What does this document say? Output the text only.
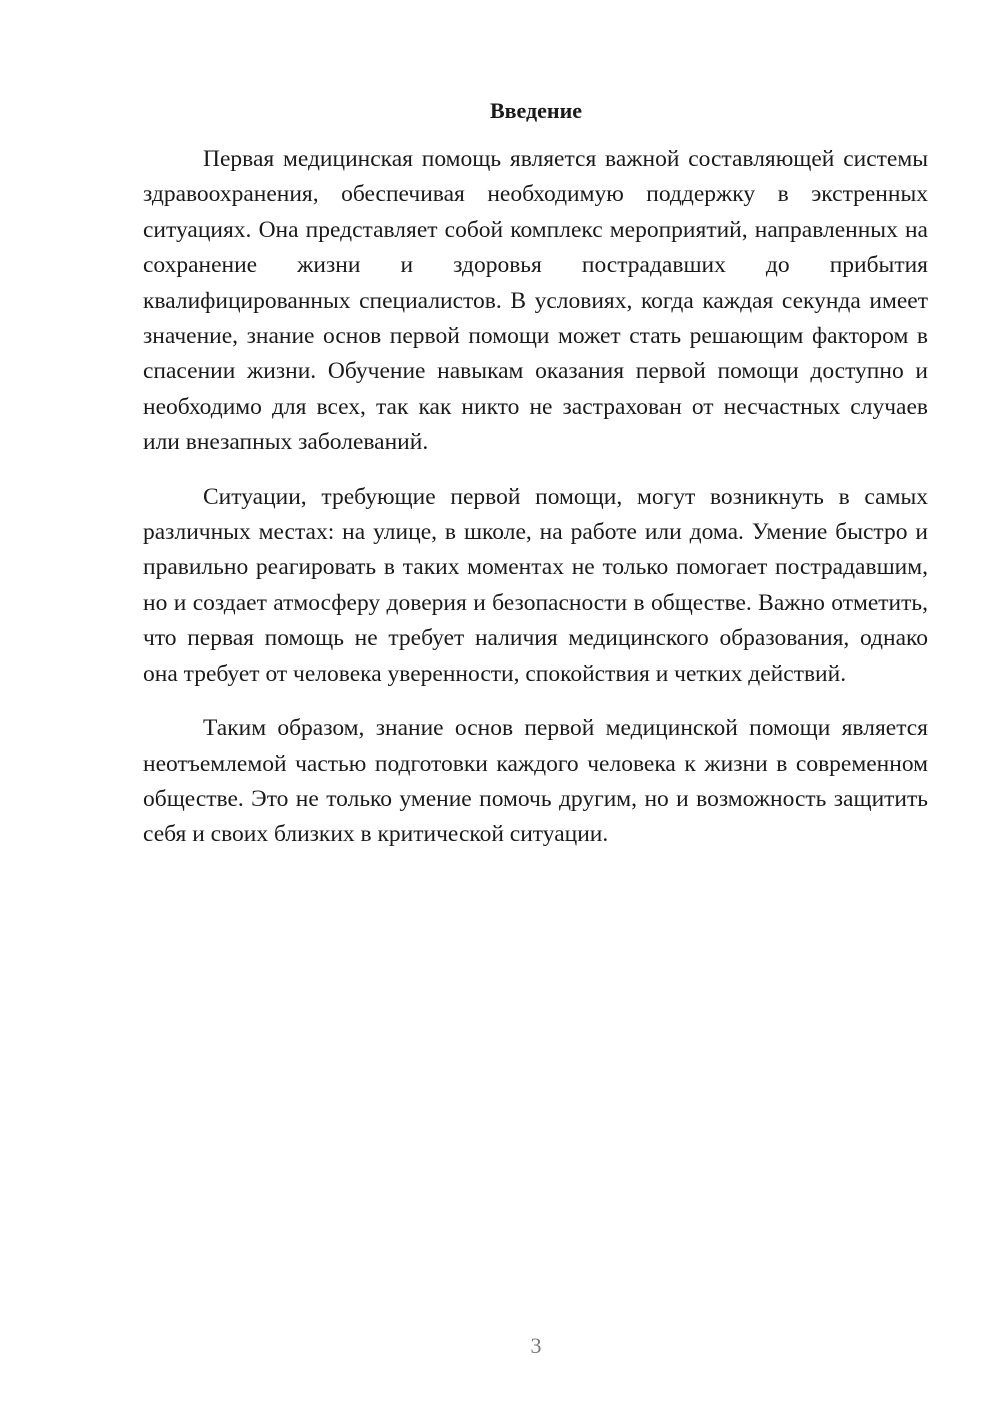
Введение

Первая медицинская помощь является важной составляющей системы здравоохранения, обеспечивая необходимую поддержку в экстренных ситуациях. Она представляет собой комплекс мероприятий, направленных на сохранение жизни и здоровья пострадавших до прибытия квалифицированных специалистов. В условиях, когда каждая секунда имеет значение, знание основ первой помощи может стать решающим фактором в спасении жизни. Обучение навыкам оказания первой помощи доступно и необходимо для всех, так как никто не застрахован от несчастных случаев или внезапных заболеваний.

Ситуации, требующие первой помощи, могут возникнуть в самых различных местах: на улице, в школе, на работе или дома. Умение быстро и правильно реагировать в таких моментах не только помогает пострадавшим, но и создает атмосферу доверия и безопасности в обществе. Важно отметить, что первая помощь не требует наличия медицинского образования, однако она требует от человека уверенности, спокойствия и четких действий.

Таким образом, знание основ первой медицинской помощи является неотъемлемой частью подготовки каждого человека к жизни в современном обществе. Это не только умение помочь другим, но и возможность защитить себя и своих близких в критической ситуации.

3
